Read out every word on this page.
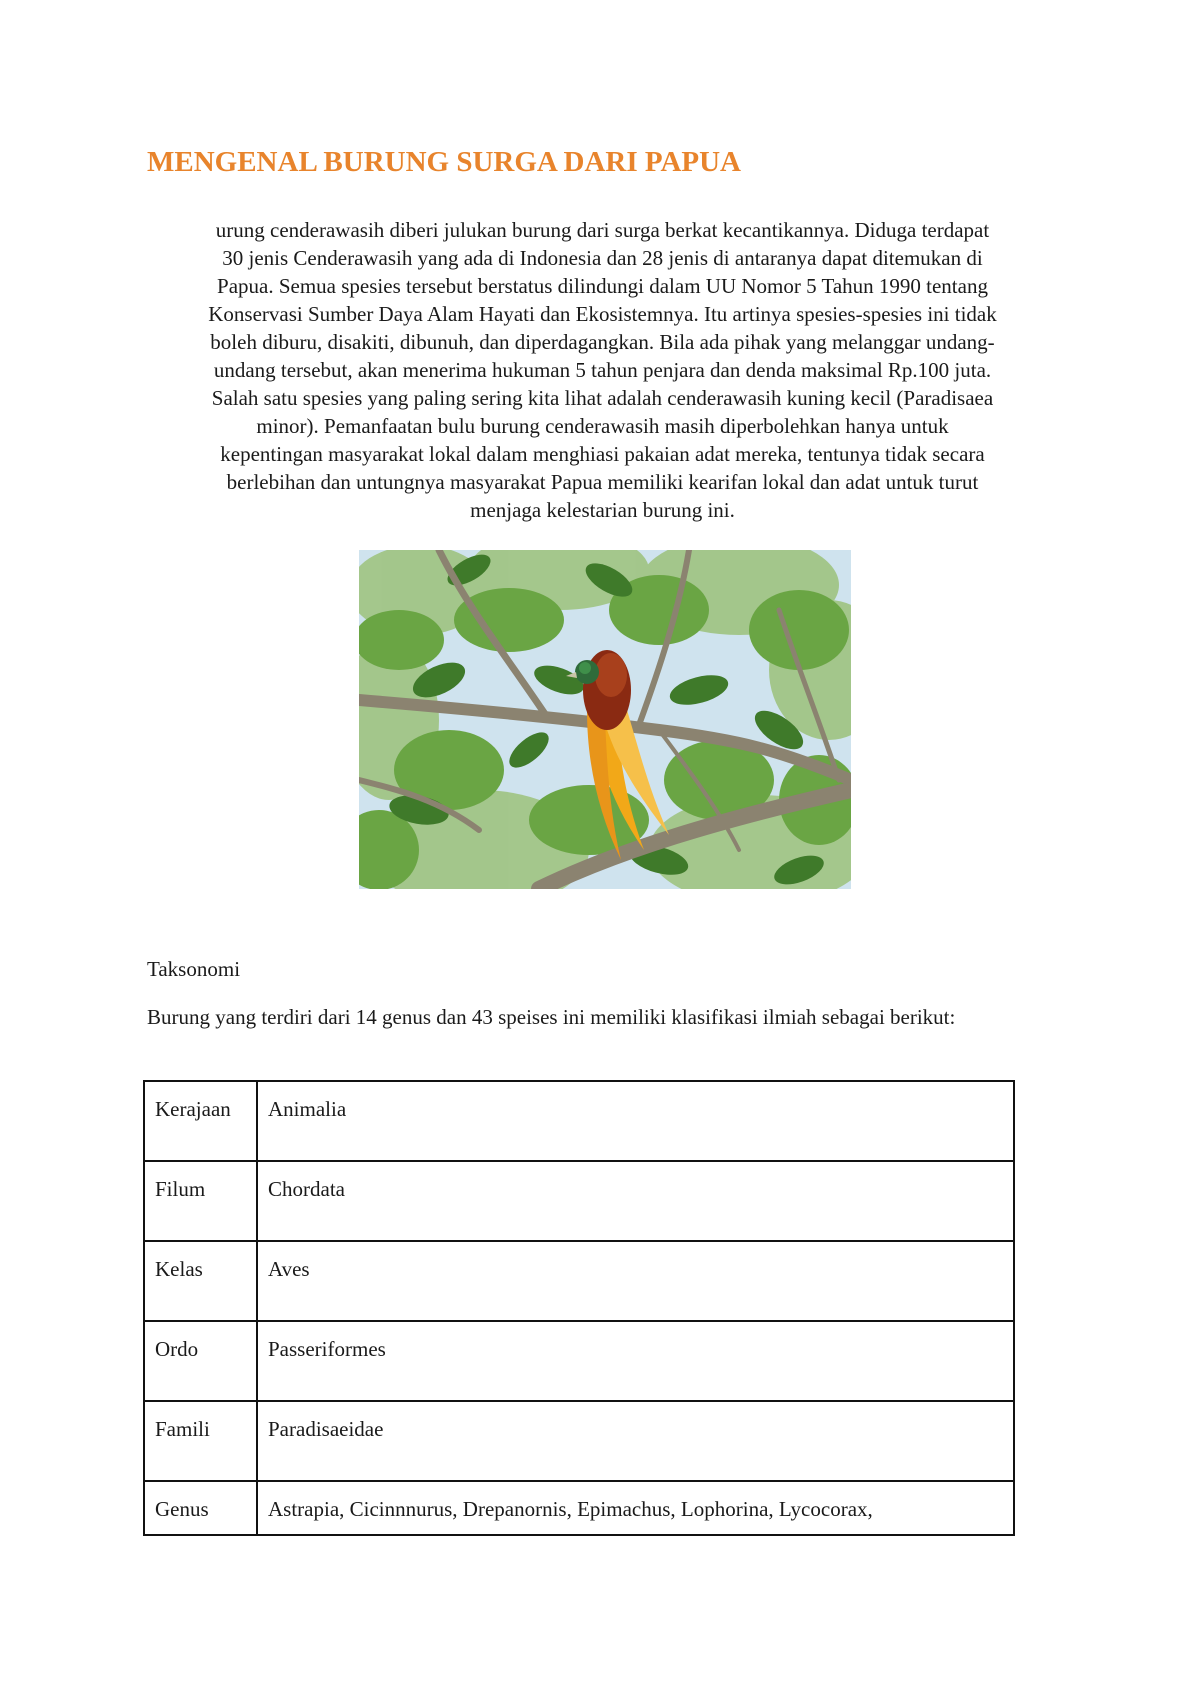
MENGENAL BURUNG SURGA DARI PAPUA

urung cenderawasih diberi julukan burung dari surga berkat kecantikannya. Diduga terdapat
30 jenis Cenderawasih yang ada di Indonesia dan 28 jenis di antaranya dapat ditemukan di
Papua. Semua spesies tersebut berstatus dilindungi dalam UU Nomor 5 Tahun 1990 tentang
Konservasi Sumber Daya Alam Hayati dan Ekosistemnya. Itu artinya spesies-spesies ini tidak
boleh diburu, disakiti, dibunuh, dan diperdagangkan. Bila ada pihak yang melanggar undang-
undang tersebut, akan menerima hukuman 5 tahun penjara dan denda maksimal Rp.100 juta.
Salah satu spesies yang paling sering kita lihat adalah cenderawasih kuning kecil (Paradisaea
minor). Pemanfaatan bulu burung cenderawasih masih diperbolehkan hanya untuk
kepentingan masyarakat lokal dalam menghiasi pakaian adat mereka, tentunya tidak secara
berlebihan dan untungnya masyarakat Papua memiliki kearifan lokal dan adat untuk turut
menjaga kelestarian burung ini.

Taksonomi

Burung yang terdiri dari 14 genus dan 43 speises ini memiliki klasifikasi ilmiah sebagai berikut:

Kerajaan	Animalia
Filum	Chordata
Kelas	Aves
Ordo	Passeriformes
Famili	Paradisaeidae
Genus	Astrapia, Cicinnnurus, Drepanornis, Epimachus, Lophorina, Lycocorax,
